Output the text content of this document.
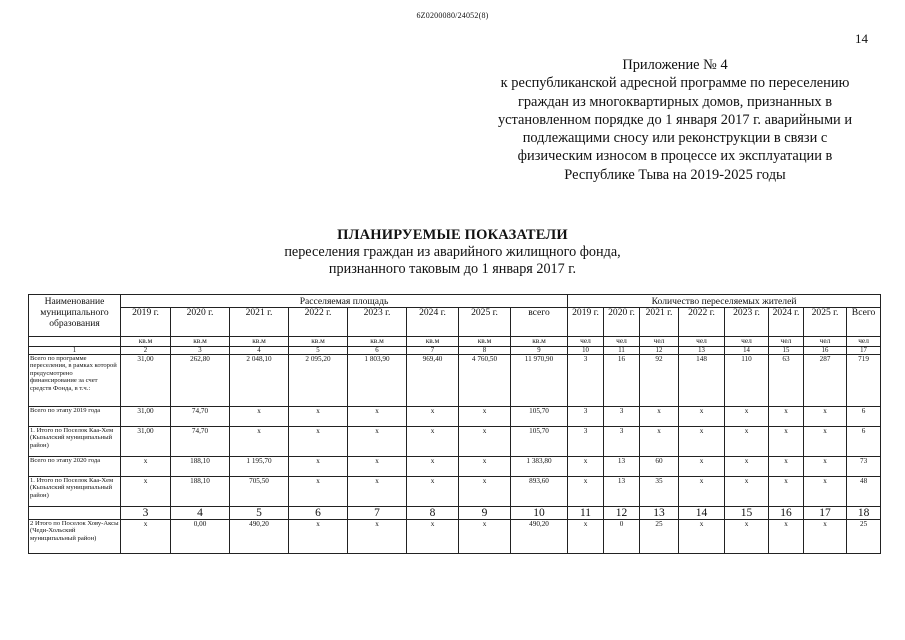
6Z0200080/24052(8)
14
Приложение № 4
к республиканской адресной программе по переселению
граждан из многоквартирных домов, признанных в
установленном порядке до 1 января 2017 г. аварийными и
подлежащими сносу или реконструкции в связи с
физическим износом в процессе их эксплуатации в
Республике Тыва на 2019-2025 годы
ПЛАНИРУЕМЫЕ ПОКАЗАТЕЛИ
переселения граждан из аварийного жилищного фонда,
признанного таковым до 1 января 2017 г.
Наименование муниципального образования	Расселяемая площадь								Количество переселяемых жителей							
	2019 г.	2020 г.	2021 г.	2022 г.	2023 г.	2024 г.	2025 г.	всего	2019 г.	2020 г.	2021 г.	2022 г.	2023 г.	2024 г.	2025 г.	Всего
	кв.м	кв.м	кв.м	кв.м	кв.м	кв.м	кв.м	кв.м	чел	чел	чел	чел	чел	чел	чел	чел
1	2	3	4	5	6	7	8	9	10	11	12	13	14	15	16	17
Всего по программе переселения, в рамках которой предусмотрено финансирование за счет средств Фонда, в т.ч.:	31,00	262,80	2 048,10	2 095,20	1 803,90	969,40	4 760,50	11 970,90	3	16	92	148	110	63	287	719
Всего по этапу 2019 года	31,00	74,70	x	x	x	x	x	105,70	3	3	x	x	x	x	x	6
1. Итого по Поселок Каа-Хем (Кызылский муниципальный район)	31,00	74,70	x	x	x	x	x	105,70	3	3	x	x	x	x	x	6
Всего по этапу 2020 года	x	188,10	1 195,70	x	x	x	x	1 383,80	x	13	60	x	x	x	x	73
1. Итого по Поселок Каа-Хем (Кызылский муниципальный район)	x	188,10	705,50	x	x	x	x	893,60	x	13	35	x	x	x	x	48
	3	4	5	6	7	8	9	10	11	12	13	14	15	16	17	18
2 Итого по Поселок Хову-Аксы (Чеди-Хольский муниципальный район)	x	0,00	490,20	x	x	x	x	490,20	x	0	25	x	x	x	x	25
